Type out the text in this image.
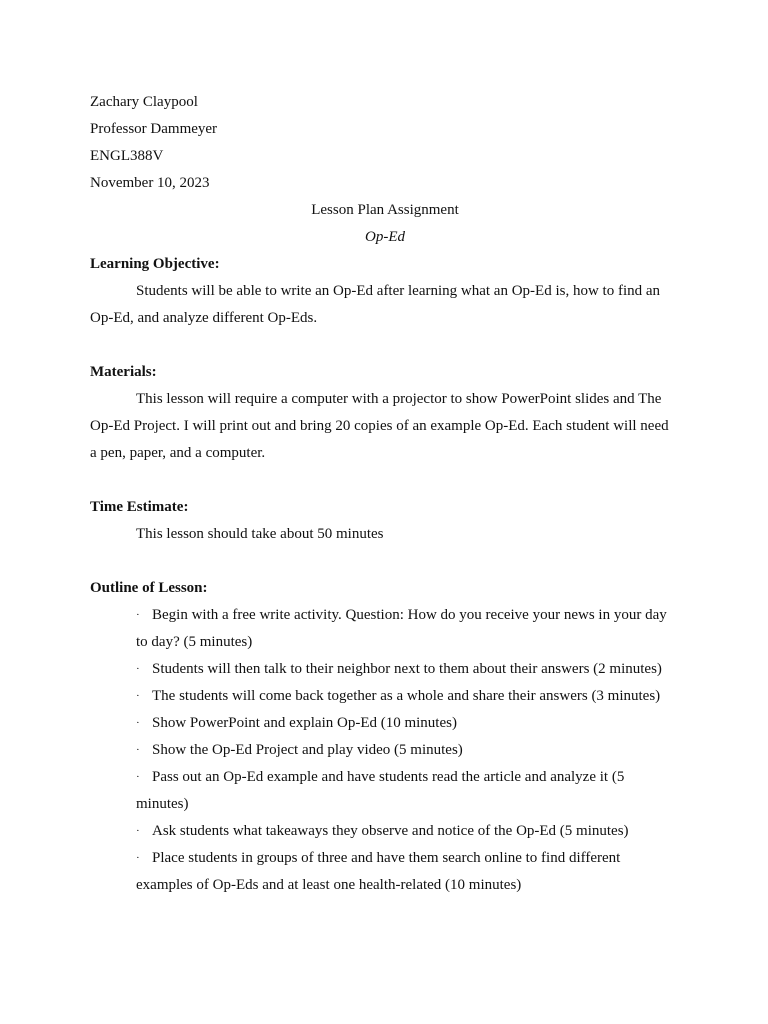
Zachary Claypool
Professor Dammeyer
ENGL388V
November 10, 2023
Lesson Plan Assignment
Op-Ed
Learning Objective:

Students will be able to write an Op-Ed after learning what an Op-Ed is, how to find an Op-Ed, and analyze different Op-Eds.

Materials:

This lesson will require a computer with a projector to show PowerPoint slides and The Op-Ed Project. I will print out and bring 20 copies of an example Op-Ed. Each student will need a pen, paper, and a computer.

Time Estimate:

This lesson should take about 50 minutes

Outline of Lesson:
· Begin with a free write activity. Question: How do you receive your news in your day to day? (5 minutes)
· Students will then talk to their neighbor next to them about their answers (2 minutes)
· The students will come back together as a whole and share their answers (3 minutes)
· Show PowerPoint and explain Op-Ed (10 minutes)
· Show the Op-Ed Project and play video (5 minutes)
· Pass out an Op-Ed example and have students read the article and analyze it (5 minutes)
· Ask students what takeaways they observe and notice of the Op-Ed (5 minutes)
· Place students in groups of three and have them search online to find different examples of Op-Eds and at least one health-related (10 minutes)
